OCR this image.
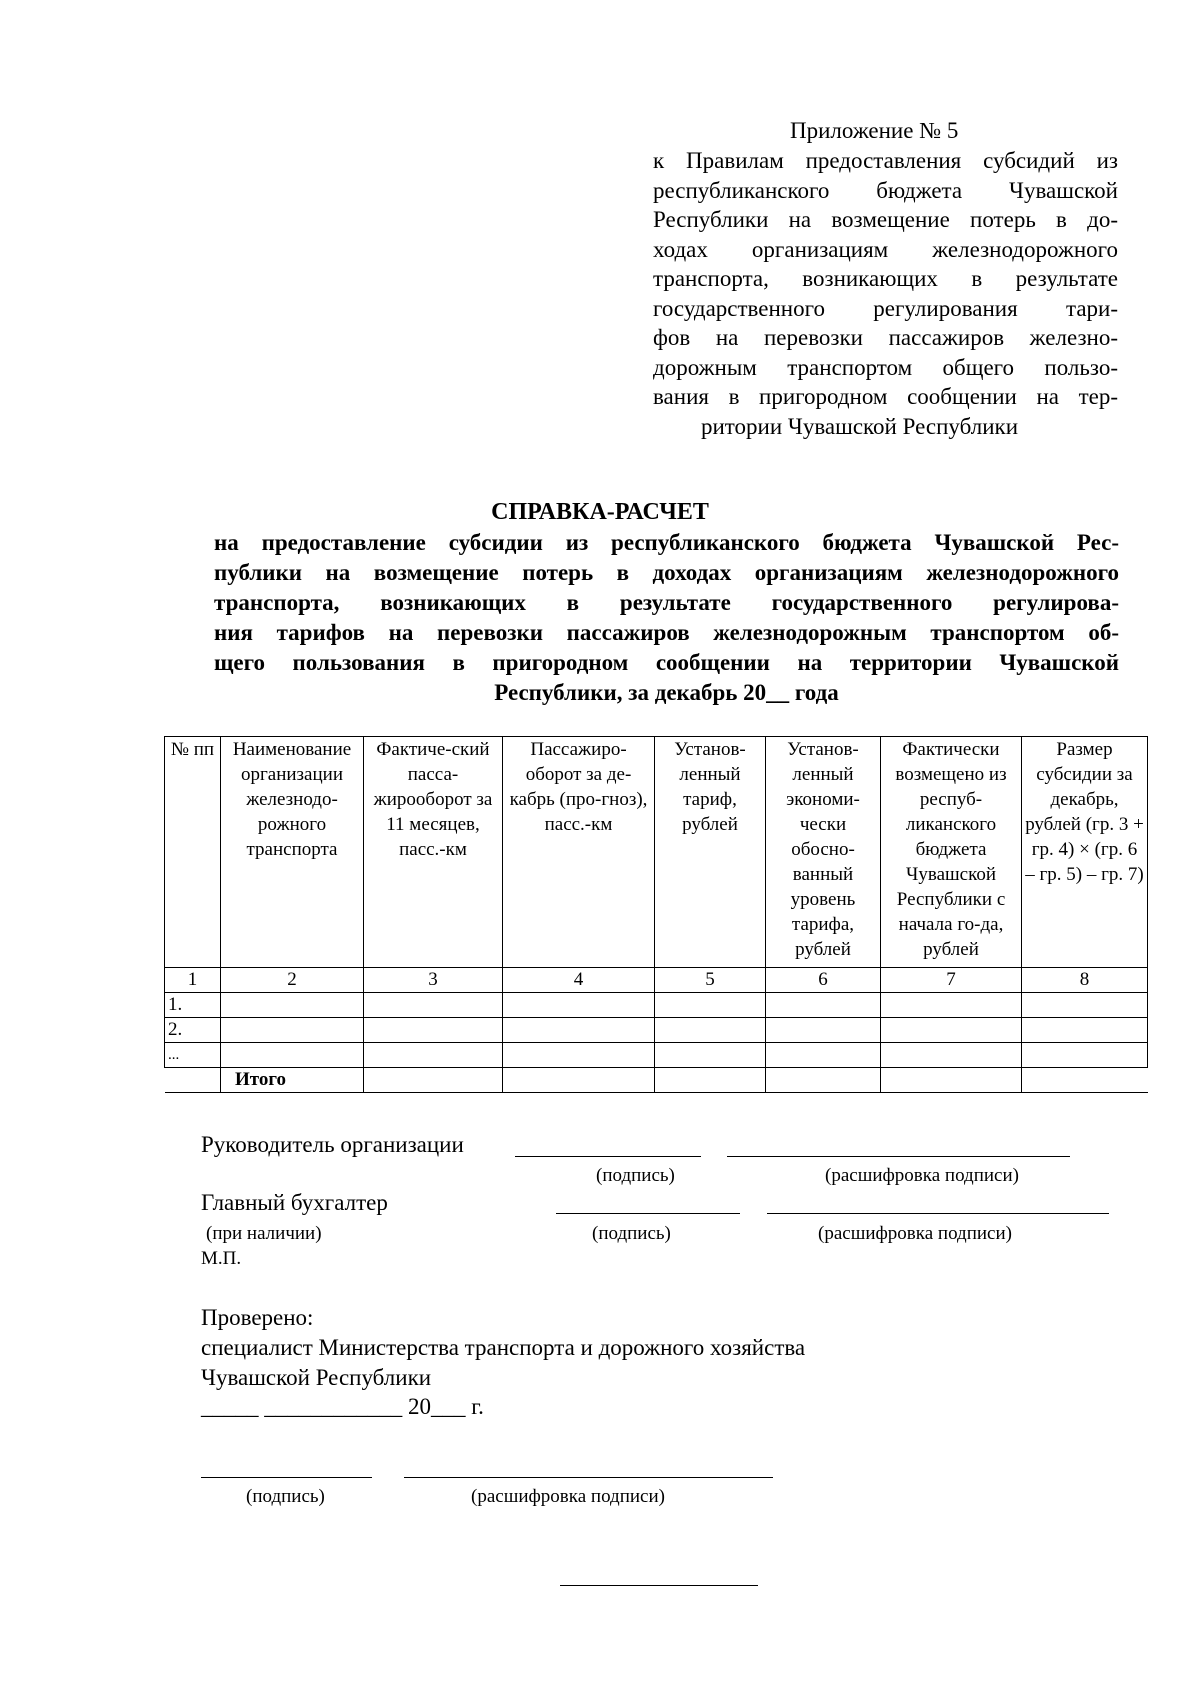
Приложение № 5
к Правилам предоставления субсидий из
республиканского бюджета Чувашской
Республики на возмещение потерь в до-
ходах организациям железнодорожного
транспорта, возникающих в результате
государственного регулирования тари-
фов на перевозки пассажиров железно-
дорожным транспортом общего пользо-
вания в пригородном сообщении на тер-
ритории Чувашской Республики
СПРАВКА-РАСЧЕТ
на предоставление субсидии из республиканского бюджета Чувашской Рес-
публики на возмещение потерь в доходах организациям железнодорожного
транспорта, возникающих в результате государственного регулирова-
ния тарифов на перевозки пассажиров железнодорожным транспортом об-
щего пользования в пригородном сообщении на территории Чувашской
Республики, за декабрь 20__ года
№ пп	Наименование организации железнодо-рожного транспорта	Фактиче-ский пасса-жирооборот за 11 месяцев, пасс.-км	Пассажиро-оборот за де-кабрь (про-гноз), пасс.-км	Установ-ленный тариф, рублей	Установ-ленный экономи-чески обосно-ванный уровень тарифа, рублей	Фактически возмещено из респуб-ликанского бюджета Чувашской Республики с начала го-да, рублей	Размер субсидии за декабрь, рублей (гр. 3 + гр. 4) × (гр. 6 – гр. 5) – гр. 7)
1	2	3	4	5	6	7	8
1.							
2.							
...							
	Итого						
Руководитель организации
(подпись)	(расшифровка подписи)
Главный бухгалтер
(при наличии)	(подпись)	(расшифровка подписи)
М.П.
Проверено:
специалист Министерства транспорта и дорожного хозяйства
Чувашской Республики
_____ ____________ 20___ г.
(подпись)	(расшифровка подписи)
